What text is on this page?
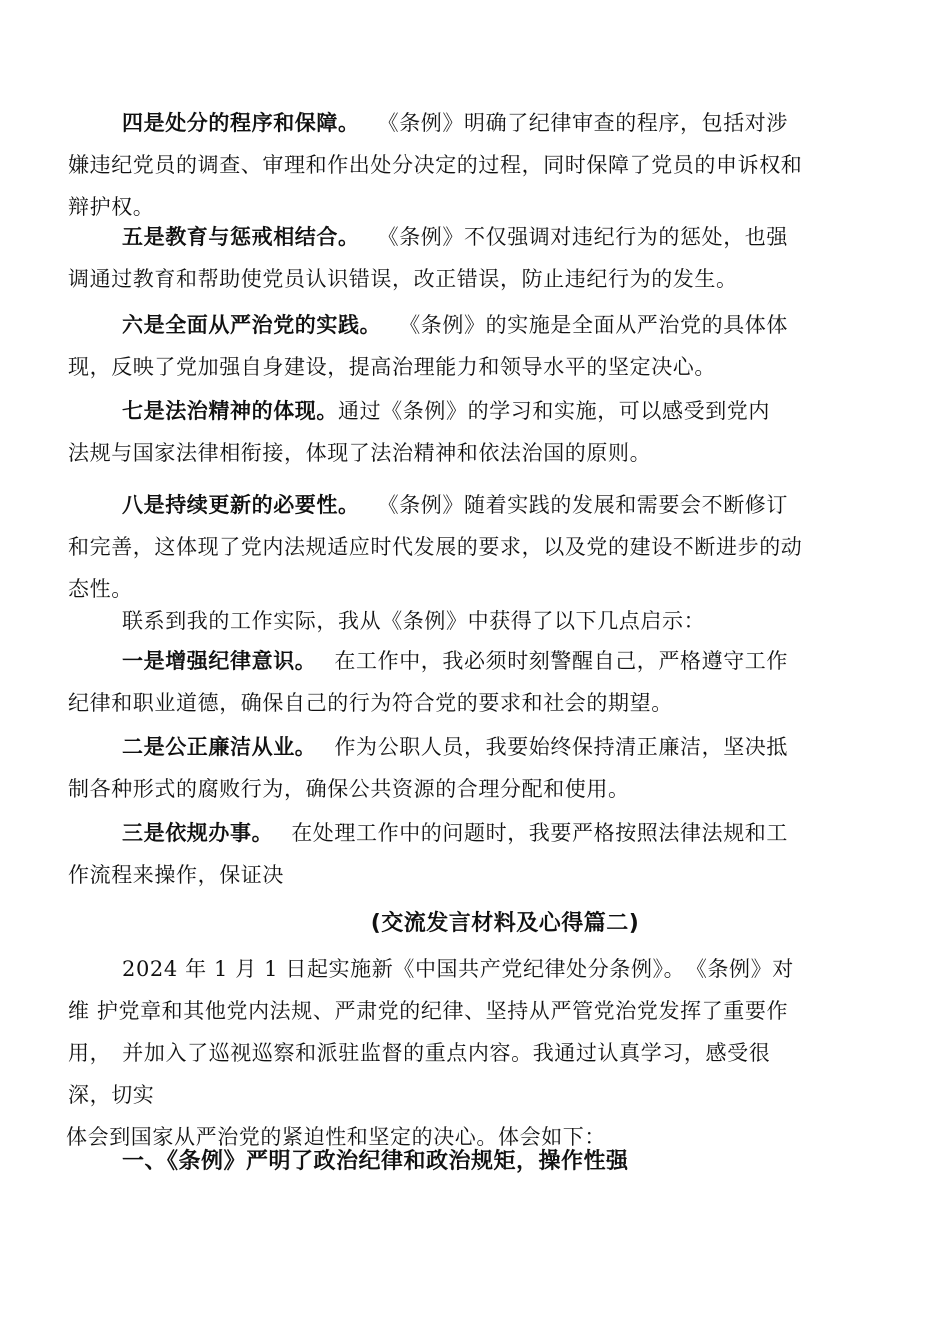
四是处分的程序和保障。 《条例》明确了纪律审查的程序，包括对涉
嫌违纪党员的调查、审理和作出处分决定的过程，同时保障了党员的申诉权和
辩护权。
五是教育与惩戒相结合。 《条例》不仅强调对违纪行为的惩处，也强
调通过教育和帮助使党员认识错误，改正错误，防止违纪行为的发生。
六是全面从严治党的实践。 《条例》的实施是全面从严治党的具体体
现，反映了党加强自身建设，提高治理能力和领导水平的坚定决心。
七是法治精神的体现。通过《条例》的学习和实施，可以感受到党内
法规与国家法律相衔接，体现了法治精神和依法治国的原则。
八是持续更新的必要性。 《条例》随着实践的发展和需要会不断修订
和完善，这体现了党内法规适应时代发展的要求，以及党的建设不断进步的动
态性。
联系到我的工作实际，我从《条例》中获得了以下几点启示：
一是增强纪律意识。 在工作中，我必须时刻警醒自己，严格遵守工作
纪律和职业道德，确保自己的行为符合党的要求和社会的期望。
二是公正廉洁从业。 作为公职人员，我要始终保持清正廉洁，坚决抵
制各种形式的腐败行为，确保公共资源的合理分配和使用。
三是依规办事。 在处理工作中的问题时，我要严格按照法律法规和工
作流程来操作，保证决
(交流发言材料及心得篇二)
2024 年 1 月 1 日起实施新《中国共产党纪律处分条例》。　《条例》对
维 护党章和其他党内法规、严肃党的纪律、坚持从严管党治党发挥了重要作
用，　并加入了巡视巡察和派驻监督的重点内容。我通过认真学习，感受很
深，切实
体会到国家从严治党的紧迫性和坚定的决心。体会如下：
一、《条例》严明了政治纪律和政治规矩，操作性强
